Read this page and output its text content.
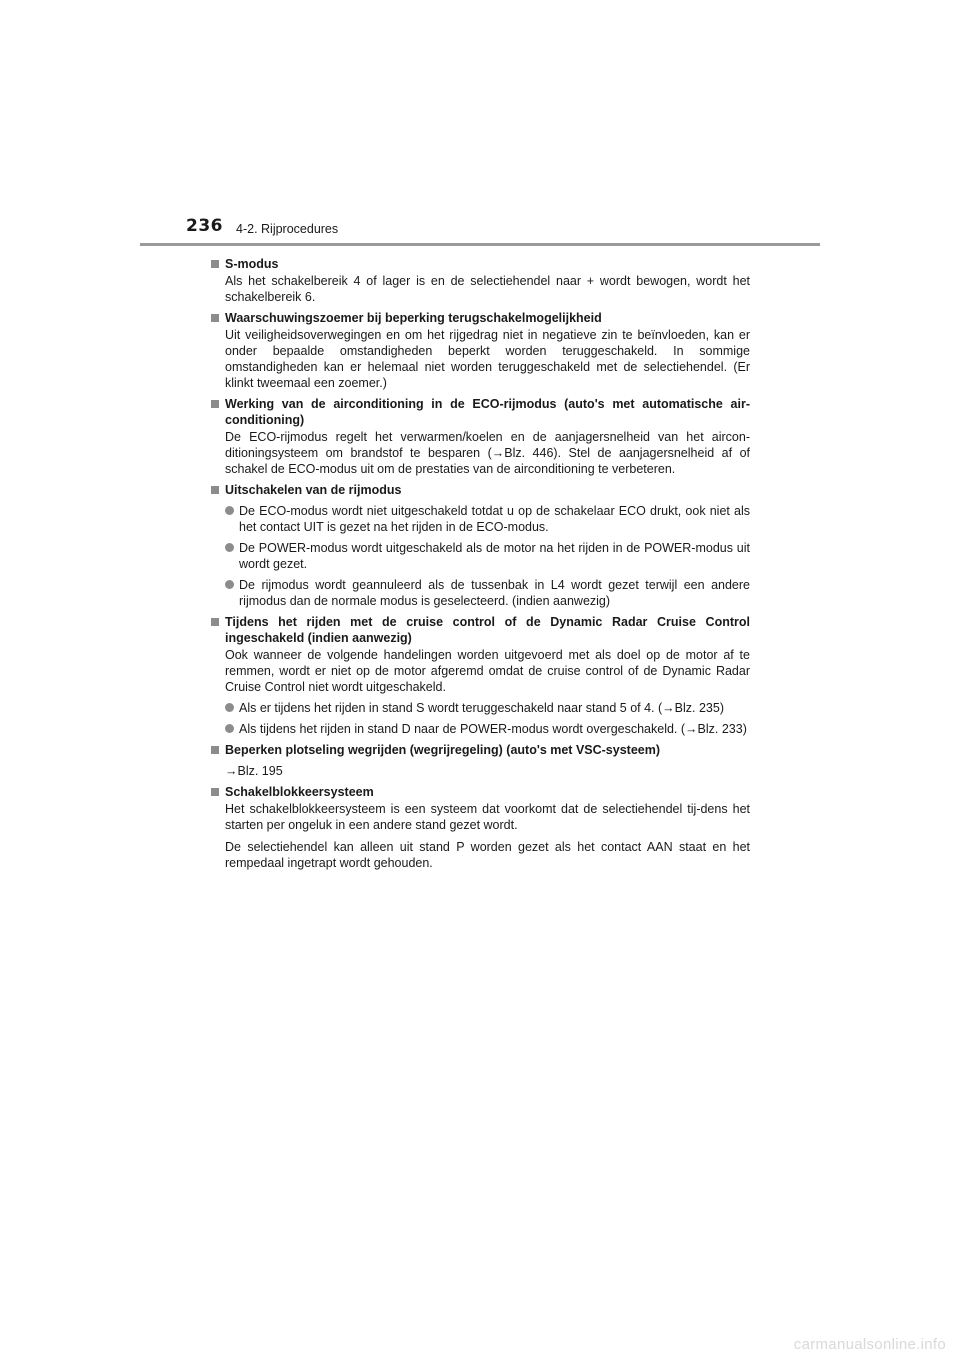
236 4-2. Rijprocedures
S-modus
Als het schakelbereik 4 of lager is en de selectiehendel naar + wordt bewogen, wordt het schakelbereik 6.
Waarschuwingszoemer bij beperking terugschakelmogelijkheid
Uit veiligheidsoverwegingen en om het rijgedrag niet in negatieve zin te beïnvloeden, kan er onder bepaalde omstandigheden beperkt worden teruggeschakeld. In sommige omstandigheden kan er helemaal niet worden teruggeschakeld met de selectiehendel. (Er klinkt tweemaal een zoemer.)
Werking van de airconditioning in de ECO-rijmodus (auto's met automatische air-conditioning)
De ECO-rijmodus regelt het verwarmen/koelen en de aanjagersnelheid van het aircon-ditioningsysteem om brandstof te besparen (→Blz. 446). Stel de aanjagersnelheid af of schakel de ECO-modus uit om de prestaties van de airconditioning te verbeteren.
Uitschakelen van de rijmodus
De ECO-modus wordt niet uitgeschakeld totdat u op de schakelaar ECO drukt, ook niet als het contact UIT is gezet na het rijden in de ECO-modus.
De POWER-modus wordt uitgeschakeld als de motor na het rijden in de POWER-modus uit wordt gezet.
De rijmodus wordt geannuleerd als de tussenbak in L4 wordt gezet terwijl een andere rijmodus dan de normale modus is geselecteerd. (indien aanwezig)
Tijdens het rijden met de cruise control of de Dynamic Radar Cruise Control ingeschakeld (indien aanwezig)
Ook wanneer de volgende handelingen worden uitgevoerd met als doel op de motor af te remmen, wordt er niet op de motor afgeremd omdat de cruise control of de Dynamic Radar Cruise Control niet wordt uitgeschakeld.
Als er tijdens het rijden in stand S wordt teruggeschakeld naar stand 5 of 4. (→Blz. 235)
Als tijdens het rijden in stand D naar de POWER-modus wordt overgeschakeld. (→Blz. 233)
Beperken plotseling wegrijden (wegrijregeling) (auto's met VSC-systeem)
→Blz. 195
Schakelblokkeersysteem
Het schakelblokkeersysteem is een systeem dat voorkomt dat de selectiehendel tij-dens het starten per ongeluk in een andere stand gezet wordt.
De selectiehendel kan alleen uit stand P worden gezet als het contact AAN staat en het rempedaal ingetrapt wordt gehouden.
carmanualsonline.info
